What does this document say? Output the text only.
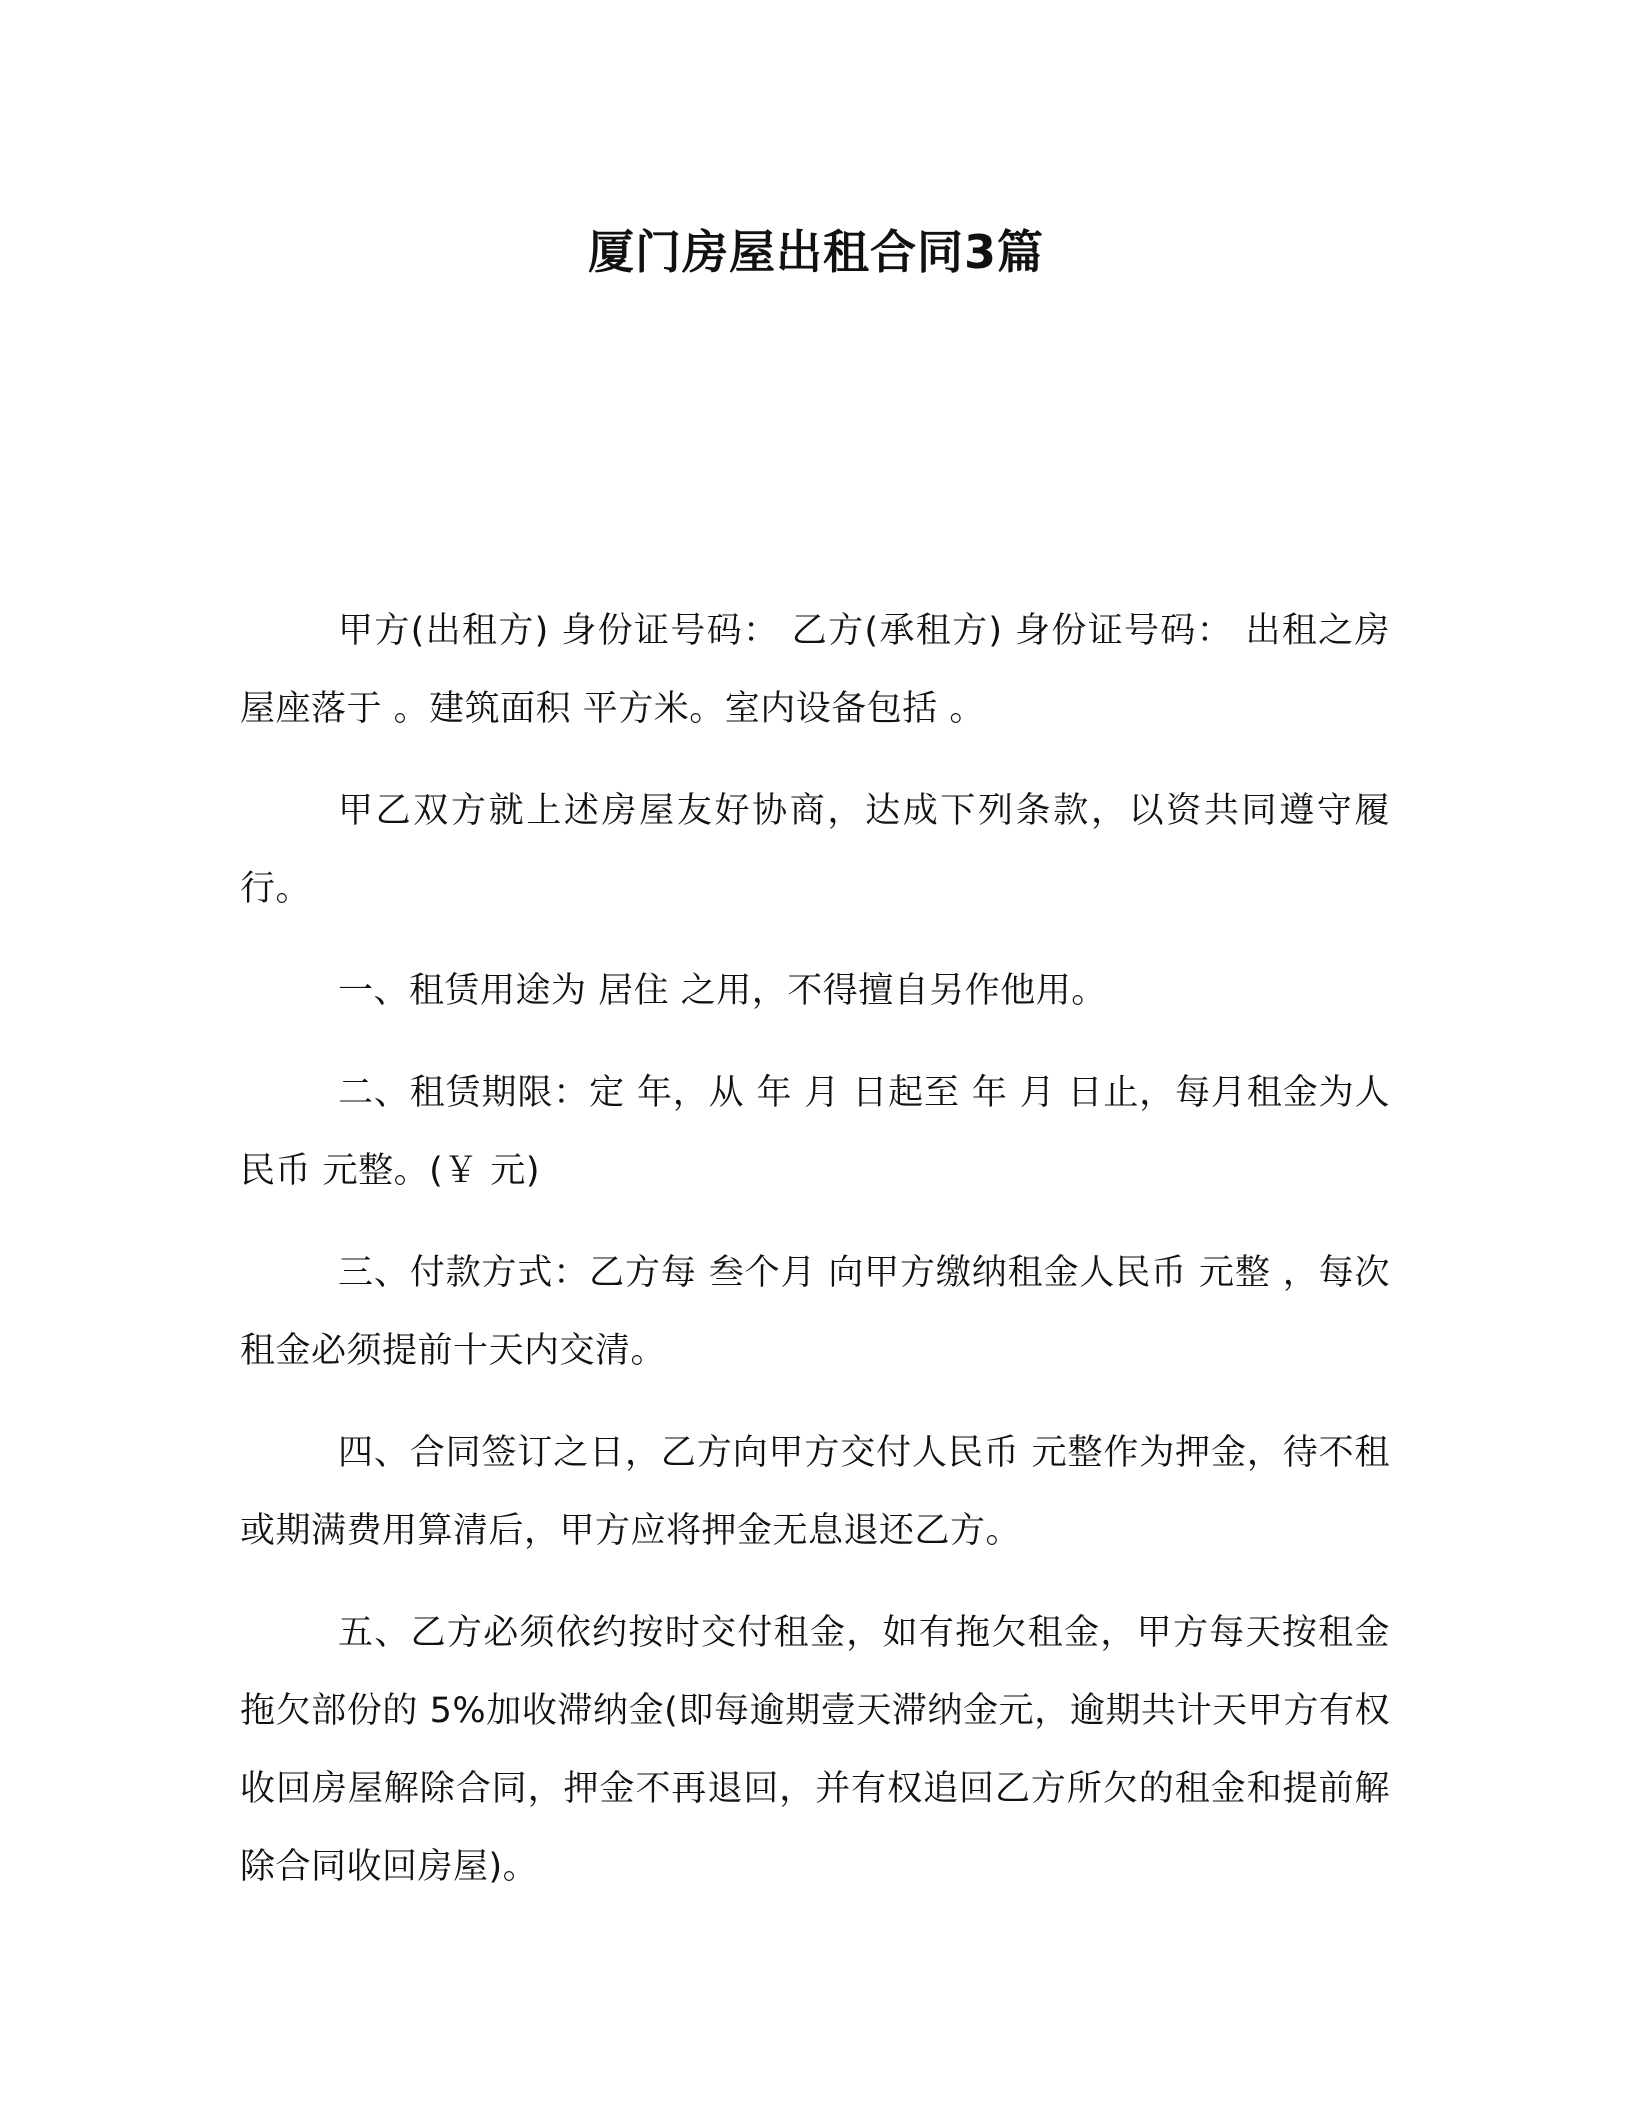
厦门房屋出租合同3篇

甲方(出租方) 身份证号码： 乙方(承租方) 身份证号码： 出租之房屋座落于 。建筑面积 平方米。室内设备包括 。

甲乙双方就上述房屋友好协商，达成下列条款，以资共同遵守履行。

一、租赁用途为 居住 之用，不得擅自另作他用。

二、租赁期限：定 年，从 年 月 日起至 年 月 日止，每月租金为人民币 元整。(￥ 元)

三、付款方式：乙方每 叁个月 向甲方缴纳租金人民币 元整 ，每次租金必须提前十天内交清。

四、合同签订之日，乙方向甲方交付人民币 元整作为押金，待不租或期满费用算清后，甲方应将押金无息退还乙方。

五、乙方必须依约按时交付租金，如有拖欠租金，甲方每天按租金拖欠部份的 5%加收滞纳金(即每逾期壹天滞纳金元，逾期共计天甲方有权收回房屋解除合同，押金不再退回，并有权追回乙方所欠的租金和提前解除合同收回房屋)。
